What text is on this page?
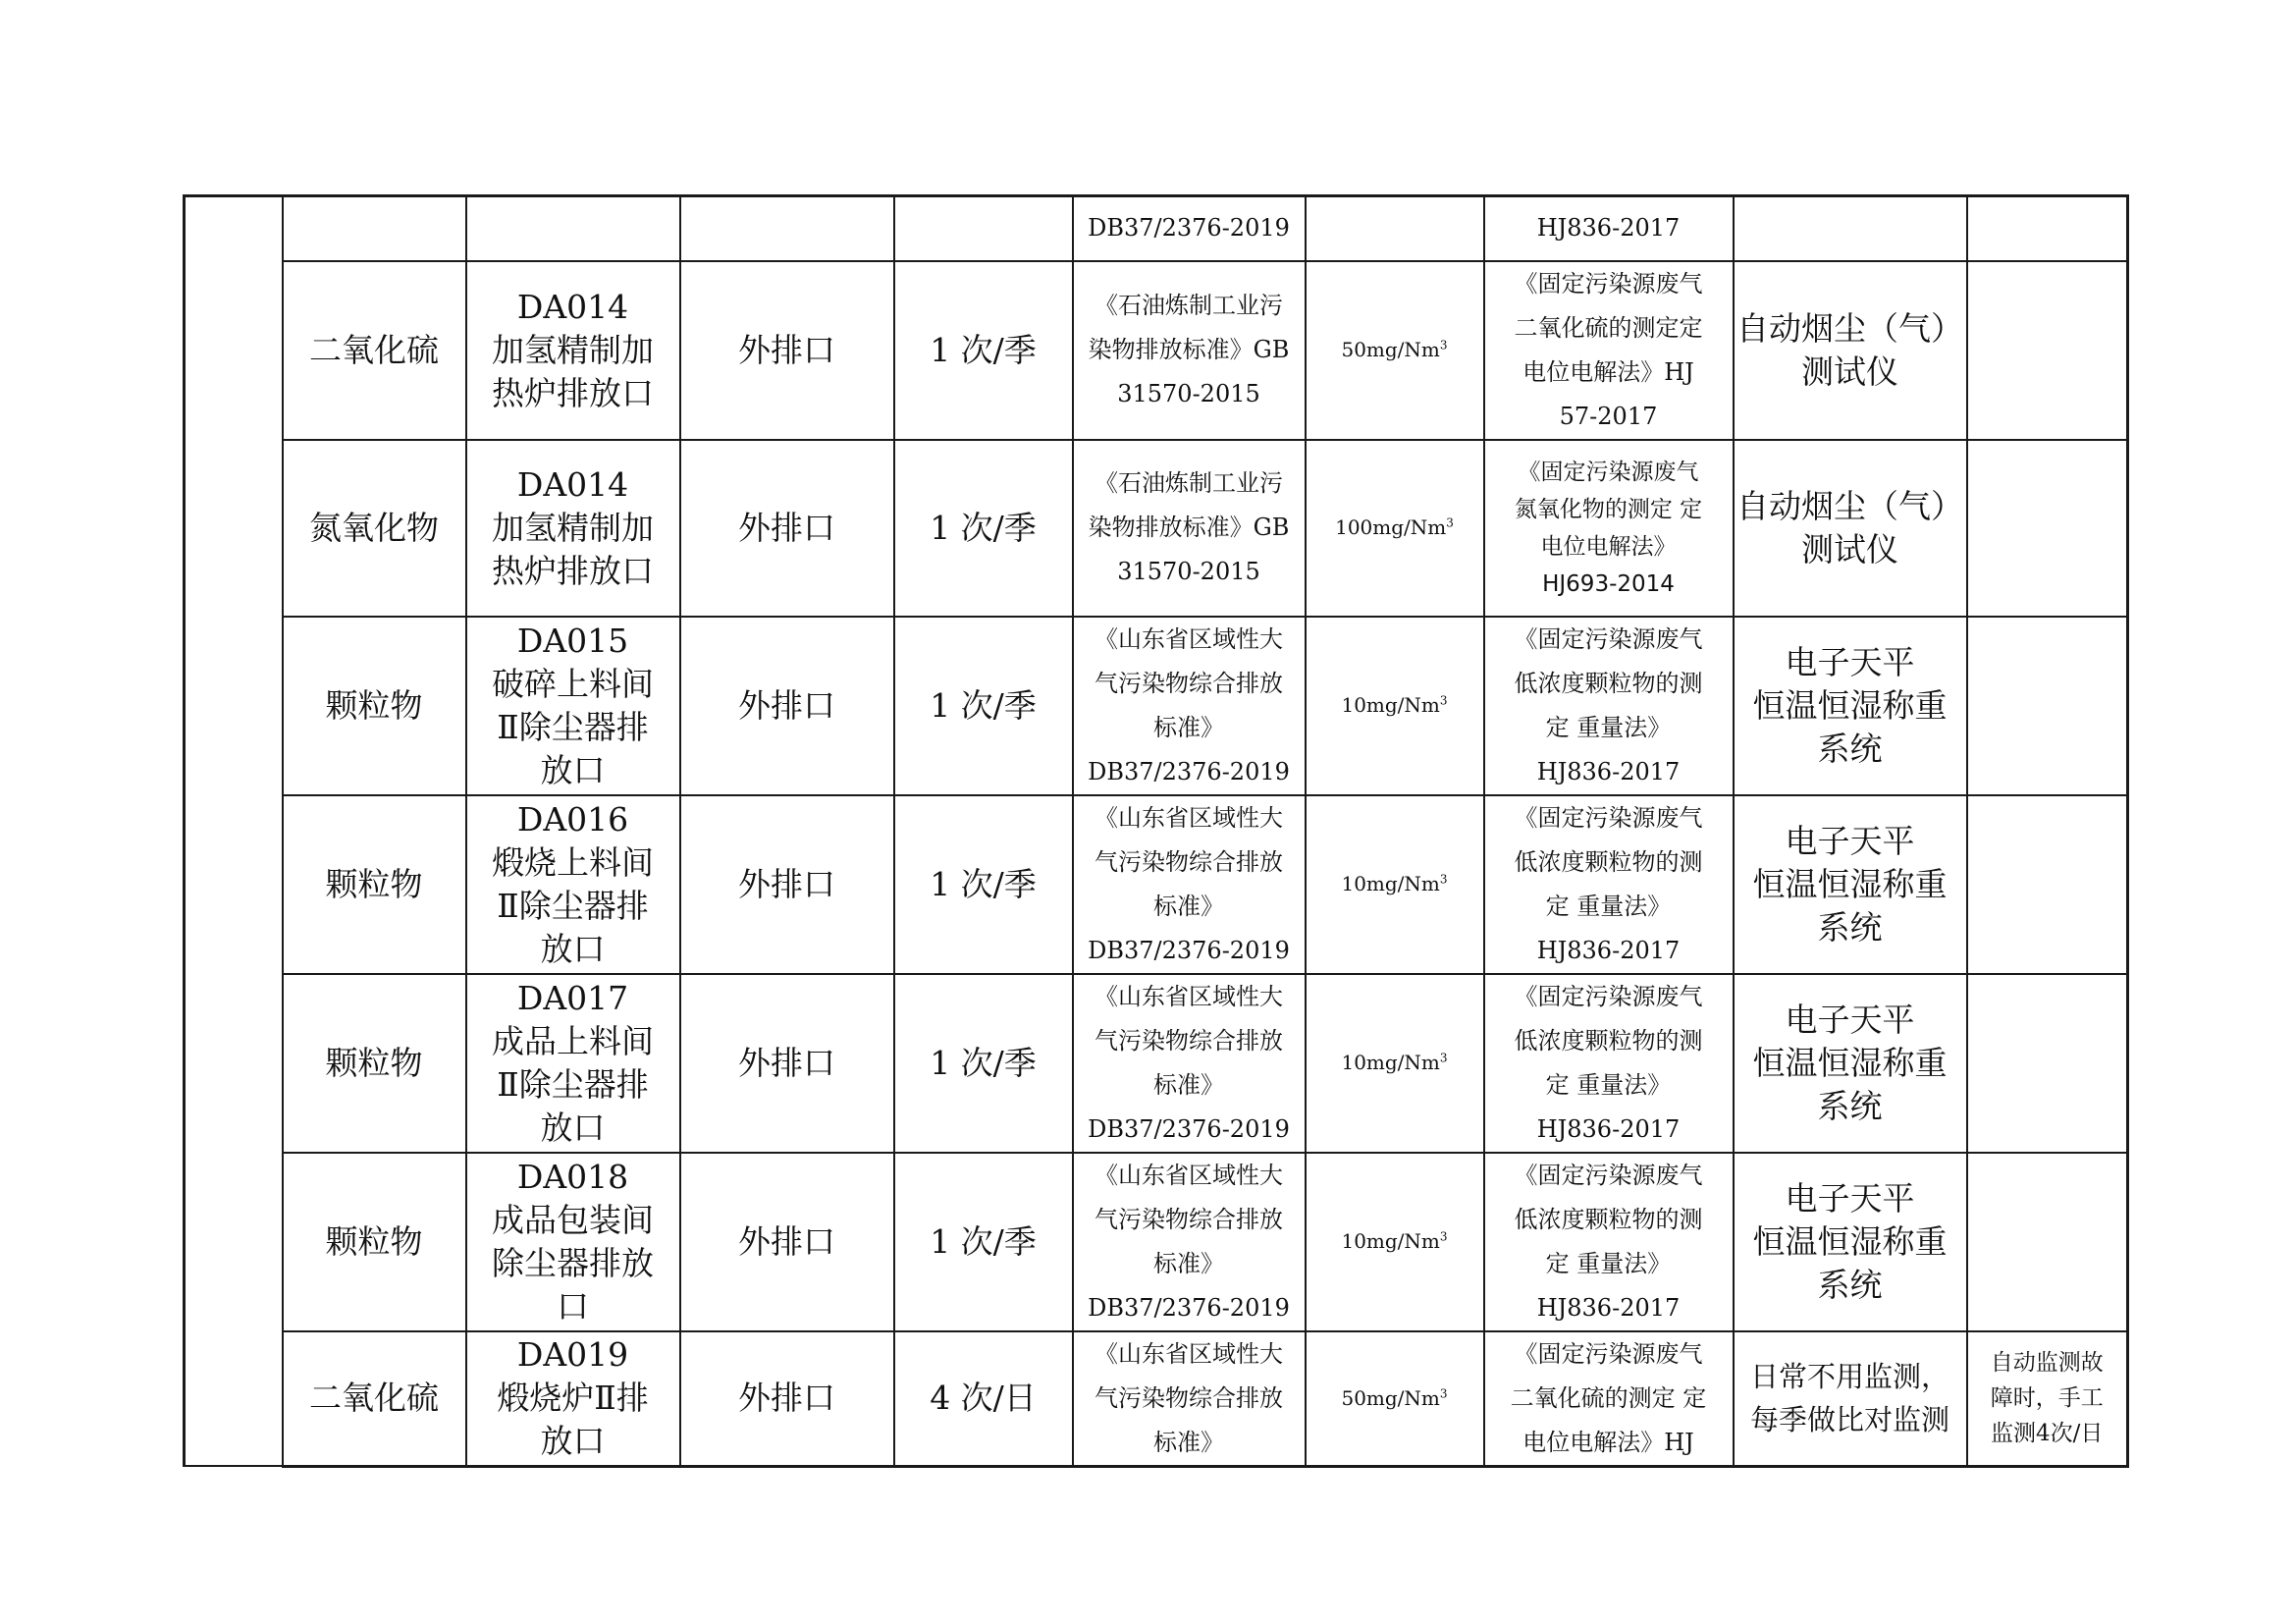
					DB37/2376-2019		HJ836-2017		

	二氧化硫	DA014
加氢精制加
热炉排放口	外排口	1 次/季	《石油炼制工业污
染物排放标准》GB
31570-2015	50mg/Nm$^3$	《固定污染源废气
二氧化硫的测定定
电位电解法》HJ
57-2017	自动烟尘（气）
测试仪	

	氮氧化物	DA014
加氢精制加
热炉排放口	外排口	1 次/季	《石油炼制工业污
染物排放标准》GB
31570-2015	100mg/Nm$^3$	《固定污染源废气
氮氧化物的测定 定
电位电解法》
HJ693-2014	自动烟尘（气）
测试仪	

	颗粒物	DA015
破碎上料间
Ⅱ除尘器排
放口	外排口	1 次/季	《山东省区域性大
气污染物综合排放
标准》
DB37/2376-2019	10mg/Nm$^3$	《固定污染源废气
低浓度颗粒物的测
定 重量法》
HJ836-2017	电子天平
恒温恒湿称重
系统	

	颗粒物	DA016
煅烧上料间
Ⅱ除尘器排
放口	外排口	1 次/季	《山东省区域性大
气污染物综合排放
标准》
DB37/2376-2019	10mg/Nm$^3$	《固定污染源废气
低浓度颗粒物的测
定 重量法》
HJ836-2017	电子天平
恒温恒湿称重
系统	

	颗粒物	DA017
成品上料间
Ⅱ除尘器排
放口	外排口	1 次/季	《山东省区域性大
气污染物综合排放
标准》
DB37/2376-2019	10mg/Nm$^3$	《固定污染源废气
低浓度颗粒物的测
定 重量法》
HJ836-2017	电子天平
恒温恒湿称重
系统	

	颗粒物	DA018
成品包装间
除尘器排放
口	外排口	1 次/季	《山东省区域性大
气污染物综合排放
标准》
DB37/2376-2019	10mg/Nm$^3$	《固定污染源废气
低浓度颗粒物的测
定 重量法》
HJ836-2017	电子天平
恒温恒湿称重
系统	

	二氧化硫	DA019
煅烧炉Ⅱ排
放口	外排口	4 次/日	《山东省区域性大
气污染物综合排放
标准》	50mg/Nm$^3$	《固定污染源废气
二氧化硫的测定 定
电位电解法》HJ	日常不用监测，
每季做比对监测	自动监测故
障时，手工
监测4次/日
